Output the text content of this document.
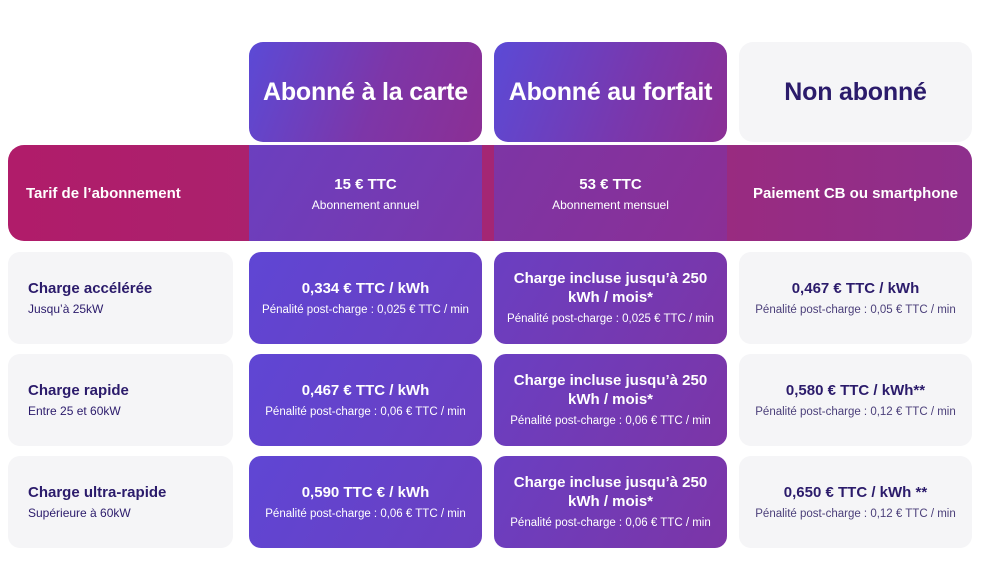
Abonné à la carte Abonné au forfait	Non abonné
Tarif de l’abonnement
15 € TTC
Abonnement annuel
53 € TTC
Abonnement mensuel
Paiement CB ou smartphone
Charge accélérée
Jusqu’à 25kW
0,334 € TTC / kWh
Pénalité post-charge : 0,025 € TTC / min
Charge incluse jusqu’à 250 kWh / mois*
Pénalité post-charge : 0,025 € TTC / min
0,467 € TTC / kWh
Pénalité post-charge : 0,05 € TTC / min
Charge rapide
Entre 25 et 60kW
0,467 € TTC / kWh
Pénalité post-charge : 0,06 € TTC / min
Charge incluse jusqu’à 250 kWh / mois*
Pénalité post-charge : 0,06 € TTC / min
0,580 € TTC / kWh**
Pénalité post-charge : 0,12 € TTC / min
Charge ultra-rapide
Supérieure à 60kW
0,590 TTC € / kWh
Pénalité post-charge : 0,06 € TTC / min
Charge incluse jusqu’à 250 kWh / mois*
Pénalité post-charge : 0,06 € TTC / min
0,650 € TTC / kWh **
Pénalité post-charge : 0,12 € TTC / min
